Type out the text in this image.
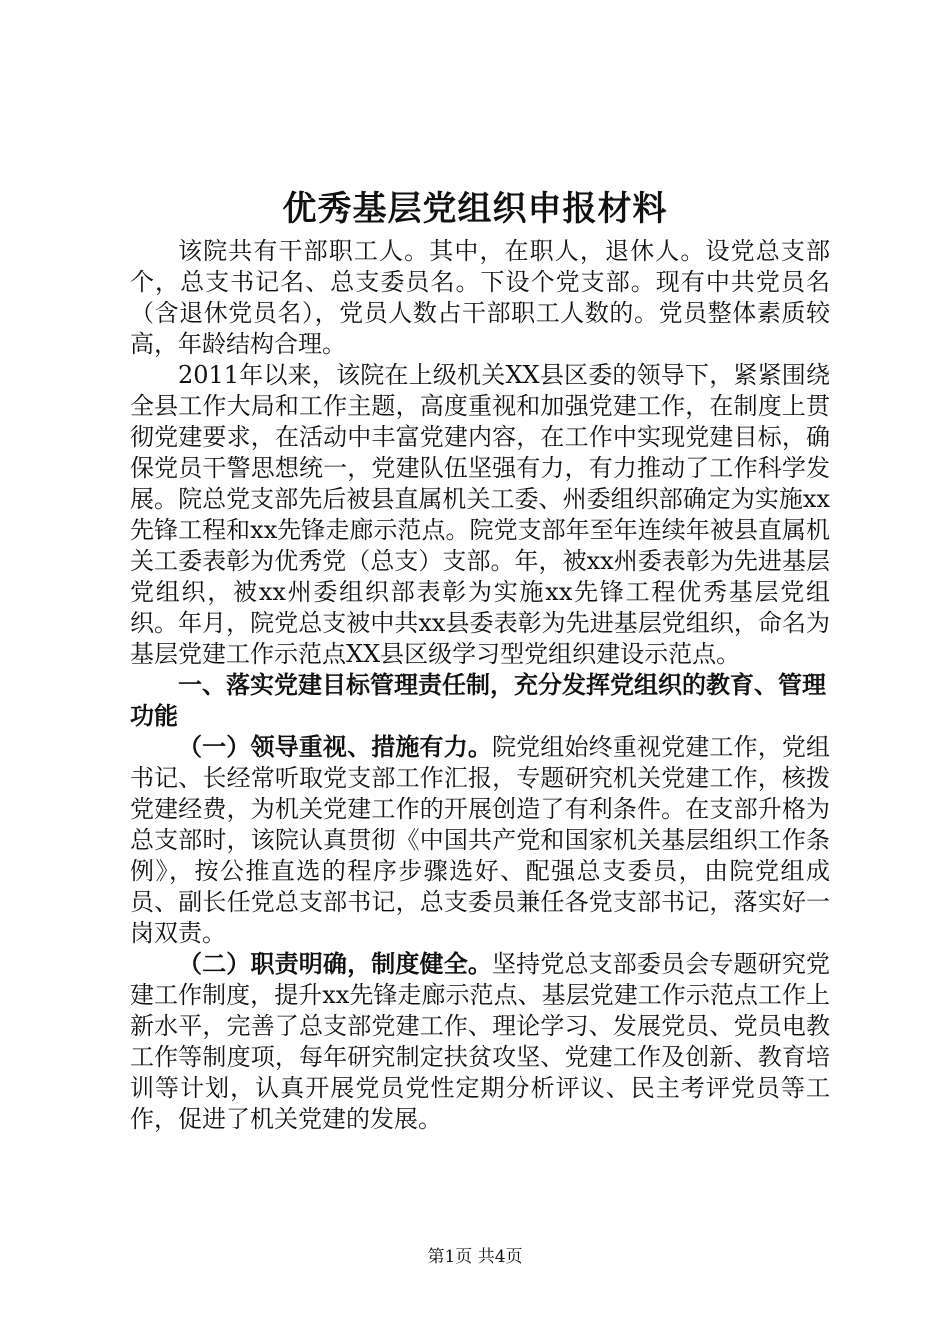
优秀基层党组织申报材料

该院共有干部职工人。其中，在职人，退休人。设党总支部个，总支书记名、总支委员名。下设个党支部。现有中共党员名（含退休党员名），党员人数占干部职工人数的。党员整体素质较高，年龄结构合理。

2011年以来，该院在上级机关XX县区委的领导下，紧紧围绕全县工作大局和工作主题，高度重视和加强党建工作，在制度上贯彻党建要求，在活动中丰富党建内容，在工作中实现党建目标，确保党员干警思想统一，党建队伍坚强有力，有力推动了工作科学发展。院总党支部先后被县直属机关工委、州委组织部确定为实施xx先锋工程和xx先锋走廊示范点。院党支部年至年连续年被县直属机关工委表彰为优秀党（总支）支部。年，被xx州委表彰为先进基层党组织，被xx州委组织部表彰为实施xx先锋工程优秀基层党组织。年月，院党总支被中共xx县委表彰为先进基层党组织，命名为基层党建工作示范点XX县区级学习型党组织建设示范点。

一、落实党建目标管理责任制，充分发挥党组织的教育、管理功能

（一）领导重视、措施有力。院党组始终重视党建工作，党组书记、长经常听取党支部工作汇报，专题研究机关党建工作，核拨党建经费，为机关党建工作的开展创造了有利条件。在支部升格为总支部时，该院认真贯彻《中国共产党和国家机关基层组织工作条例》，按公推直选的程序步骤选好、配强总支委员，由院党组成员、副长任党总支部书记，总支委员兼任各党支部书记，落实好一岗双责。

（二）职责明确，制度健全。坚持党总支部委员会专题研究党建工作制度，提升xx先锋走廊示范点、基层党建工作示范点工作上新水平，完善了总支部党建工作、理论学习、发展党员、党员电教工作等制度项，每年研究制定扶贫攻坚、党建工作及创新、教育培训等计划，认真开展党员党性定期分析评议、民主考评党员等工作，促进了机关党建的发展。

第1页 共4页
